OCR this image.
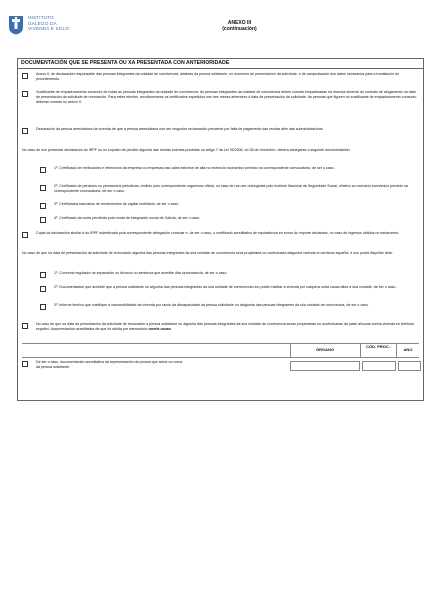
INSTITUTO
GALEGO DA
VIVENDA E SOLO
ANEXO III
(continuación)
DOCUMENTACIÓN QUE SE PRESENTA OU XA PRESENTADA CON ANTERIORIDADE
Anexo II, de declaración responsable das persoas integrantes da unidade de convivencia, distintas da persoa solicitante, no momento de presentación da solicitude, e de comprobación dos datos necesarios para a tramitación do procedemento.
Xustificante de empadroamento conxunto de todas as persoas integrantes da unidade de convivencia. As persoas integrantes da unidade de convivencia deben constar empadroadas na vivenda obxecto do contrato de alugamento na data de presentación da solicitude de renovación. Para estes efectos, recoñeceranse os certificados expedidos nos tres meses anteriores á data de presentación da solicitude. As persoas que figuren no xustificante de empadroamento conxunto deberán constar no anexo II.
Declaración da persoa arrendadora da vivenda de que a persoa arrendataria non ten ningunha reclamación pendente por falta de pagamento das rendas alén das subministracións.
No caso de non presentar declaración do IRPF ou no suposto de percibir algunha das rendas exentas previstas no artigo 7 da Lei 35/2006, do 28 de novembro, deberá achegarse a seguinte documentación:
1º. Certificado de retribucións e retencións da empresa ou empresas nas cales estivese de alta no exercicio económico previsto na correspondente convocatoria, de ser o caso.
2º. Certificado de pensións ou prestacións periódicas, emitido polo correspondente organismo oficial, no caso de non ser outorgadas polo Instituto Nacional da Seguridade Social, relativo ao exercicio económico previsto na correspondente convocatoria, de ser o caso.
3º. Certificados bancarios de rendementos de capital mobiliario, de ser o caso.
4º. Certificado da conta percibida pola renda de integración social de Galicia, de ser o caso.
Copia da declaración similar á do IRPF autenticada pola correspondente delegación consular e, de ser o caso, o certificado acreditativo de equivalencia en euros do importe declarado, no caso de ingresos obtidos no estranxeiro.
No caso de que na data de presentación da solicitude de renovación algunha das persoas integrantes da súa unidade de convivencia sexa propietaria ou usufrutuaria dalgunha vivenda en territorio español, e non poida dispoñer dela:
1º. Convenio regulador de separación ou divorcio ou sentenza que acredite dita circunstancia, de ser o caso.
2º. Documentación que acredite que a persoa solicitante ou algunha das persoas integrantes da súa unidade de convivencia non poden habitar a vivenda por calquera outra causa allea á súa vontade, de ser o caso.
3º. Informe técnico que xustifique a inaccesibilidade da vivenda por razón da discapacidade da persoa solicitante ou dalgunha das persoas integrantes da súa unidade de convivencia, de ser o caso.
No caso de que na data da presentación da solicitude de renovación a persoa solicitante ou algunha das persoas integrantes da súa unidade de convivencia sexan propietarias ou usufrutuarias da parte alícuota dunha vivenda en territorio español, documentación acreditativa de que foi obtida por transmisión mortis causa.
ÓRGANO
CÓD. PROC.
ANO
De ser o caso, documentación acreditativa da representación da persoa que actúe no nome da persoa solicitante.
